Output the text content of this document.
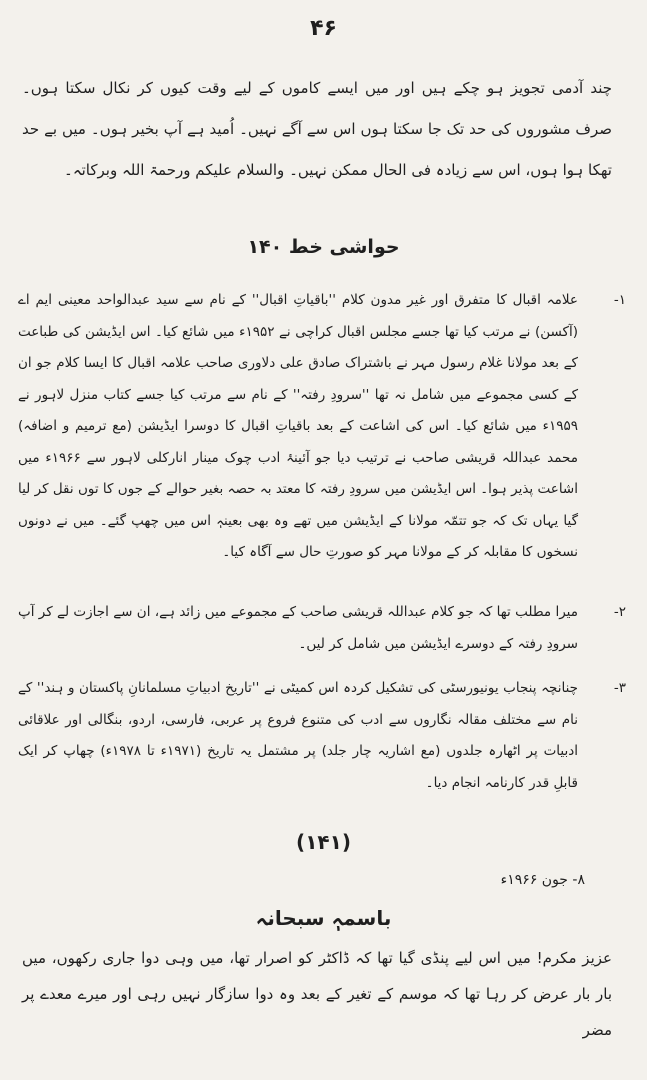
۴۶

چند آدمی تجویز ہو چکے ہیں اور میں ایسے کاموں کے لیے وقت کیوں کر نکال سکتا ہوں۔ صرف مشوروں کی حد تک جا سکتا ہوں اس سے آگے نہیں۔ اُمید ہے آپ بخیر ہوں۔ میں بے حد تھکا ہوا ہوں، اس سے زیادہ فی الحال ممکن نہیں۔ والسلام علیکم ورحمۃ اللہ وبرکاتہ۔

حواشی خط ۱۴۰
۱-
علامہ اقبال کا متفرق اور غیر مدون کلام ''باقیاتِ اقبال'' کے نام سے سید عبدالواحد معینی ایم اے (آکسن) نے مرتب کیا تھا جسے مجلس اقبال کراچی نے ۱۹۵۲ء میں شائع کیا۔ اس ایڈیشن کی طباعت کے بعد مولانا غلام رسول مہر نے باشتراک صادق علی دلاوری صاحب علامہ اقبال کا ایسا کلام جو ان کے کسی مجموعے میں شامل نہ تھا ''سرودِ رفتہ'' کے نام سے مرتب کیا جسے کتاب منزل لاہور نے ۱۹۵۹ء میں شائع کیا۔ اس کی اشاعت کے بعد باقیاتِ اقبال کا دوسرا ایڈیشن (مع ترمیم و اضافہ) محمد عبداللہ قریشی صاحب نے ترتیب دیا جو آئینۂ ادب چوک مینار انارکلی لاہور سے ۱۹۶۶ء میں اشاعت پذیر ہوا۔ اس ایڈیشن میں سرودِ رفتہ کا معتد بہ حصہ بغیر حوالے کے جوں کا توں نقل کر لیا گیا یہاں تک کہ جو تتمّہ مولانا کے ایڈیشن میں تھے وہ بھی بعینہٖ اس میں چھپ گئے۔ میں نے دونوں نسخوں کا مقابلہ کر کے مولانا مہر کو صورتِ حال سے آگاہ کیا۔
۲-
میرا مطلب تھا کہ جو کلام عبداللہ قریشی صاحب کے مجموعے میں زائد ہے، ان سے اجازت لے کر آپ سرودِ رفتہ کے دوسرے ایڈیشن میں شامل کر لیں۔
۳-
چنانچہ پنجاب یونیورسٹی کی تشکیل کردہ اس کمیٹی نے ''تاریخ ادبیاتِ مسلمانانِ پاکستان و ہند'' کے نام سے مختلف مقالہ نگاروں سے ادب کی متنوع فروع پر عربی، فارسی، اردو، بنگالی اور علاقائی ادبیات پر اٹھارہ جلدوں (مع اشاریہ چار جلد) پر مشتمل یہ تاریخ (۱۹۷۱ء تا ۱۹۷۸ء) چھاپ کر ایک قابلِ قدر کارنامہ انجام دیا۔
(۱۴۱)
۸- جون ۱۹۶۶ء
باسمہٖ سبحانہ

عزیز مکرم! میں اس لیے پنڈی گیا تھا کہ ڈاکٹر کو اصرار تھا، میں وہی دوا جاری رکھوں، میں بار بار عرض کر رہا تھا کہ موسم کے تغیر کے بعد وہ دوا سازگار نہیں رہی اور میرے معدے پر مضر
